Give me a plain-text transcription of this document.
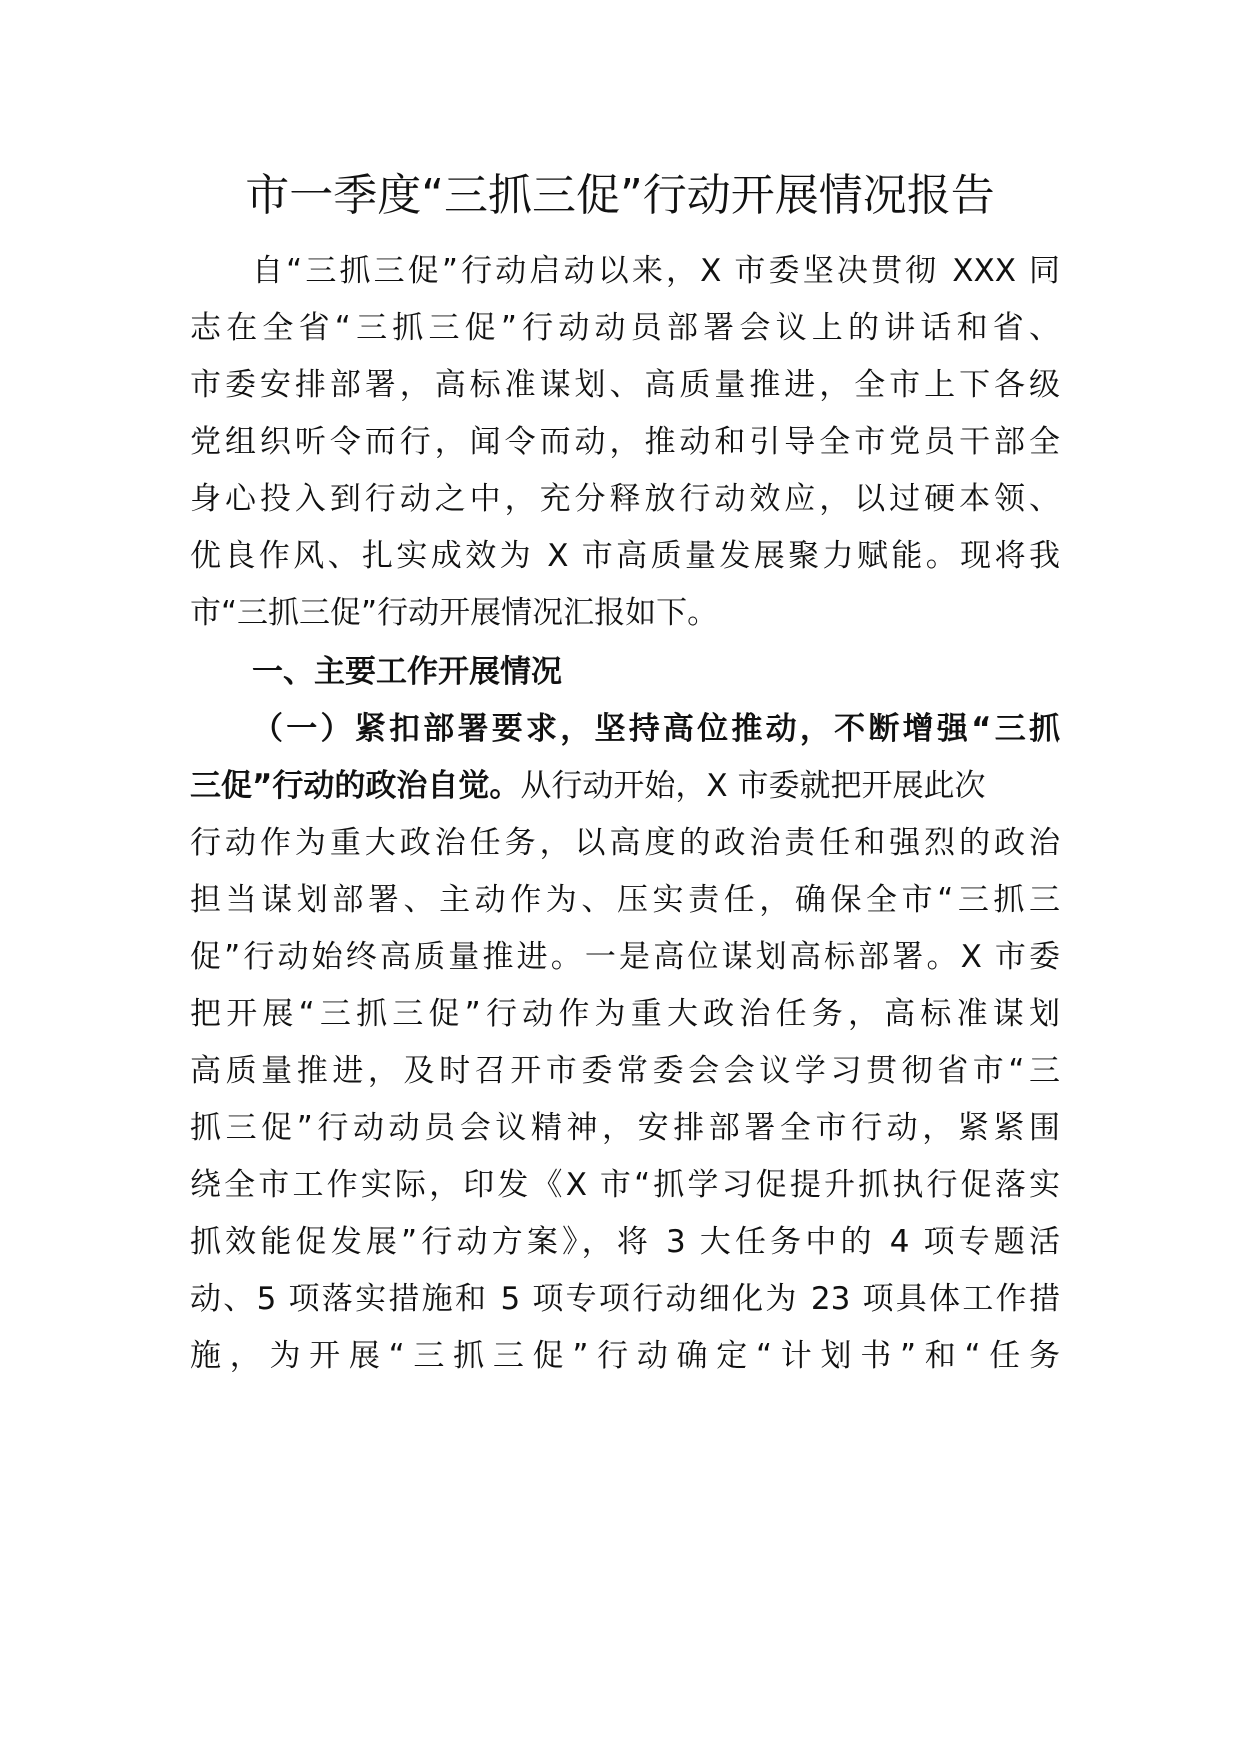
市一季度“三抓三促”行动开展情况报告
自“三抓三促”行动启动以来，X 市委坚决贯彻 XXX 同
志在全省“三抓三促”行动动员部署会议上的讲话和省、
市委安排部署，高标准谋划、高质量推进，全市上下各级
党组织听令而行，闻令而动，推动和引导全市党员干部全
身心投入到行动之中，充分释放行动效应，以过硬本领、
优良作风、扎实成效为 X 市高质量发展聚力赋能。现将我
市“三抓三促”行动开展情况汇报如下。
一、主要工作开展情况
（一）紧扣部署要求，坚持高位推动，不断增强“三抓
三促”行动的政治自觉。从行动开始，X 市委就把开展此次
行动作为重大政治任务，以高度的政治责任和强烈的政治
担当谋划部署、主动作为、压实责任，确保全市“三抓三
促”行动始终高质量推进。一是高位谋划高标部署。X 市委
把开展“三抓三促”行动作为重大政治任务，高标准谋划
高质量推进，及时召开市委常委会会议学习贯彻省市“三
抓三促”行动动员会议精神，安排部署全市行动，紧紧围
绕全市工作实际，印发《X 市“抓学习促提升抓执行促落实
抓效能促发展”行动方案》，将 3 大任务中的 4 项专题活
动、5 项落实措施和 5 项专项行动细化为 23 项具体工作措
施，为开展“三抓三促”行动确定“计划书”和“任务
